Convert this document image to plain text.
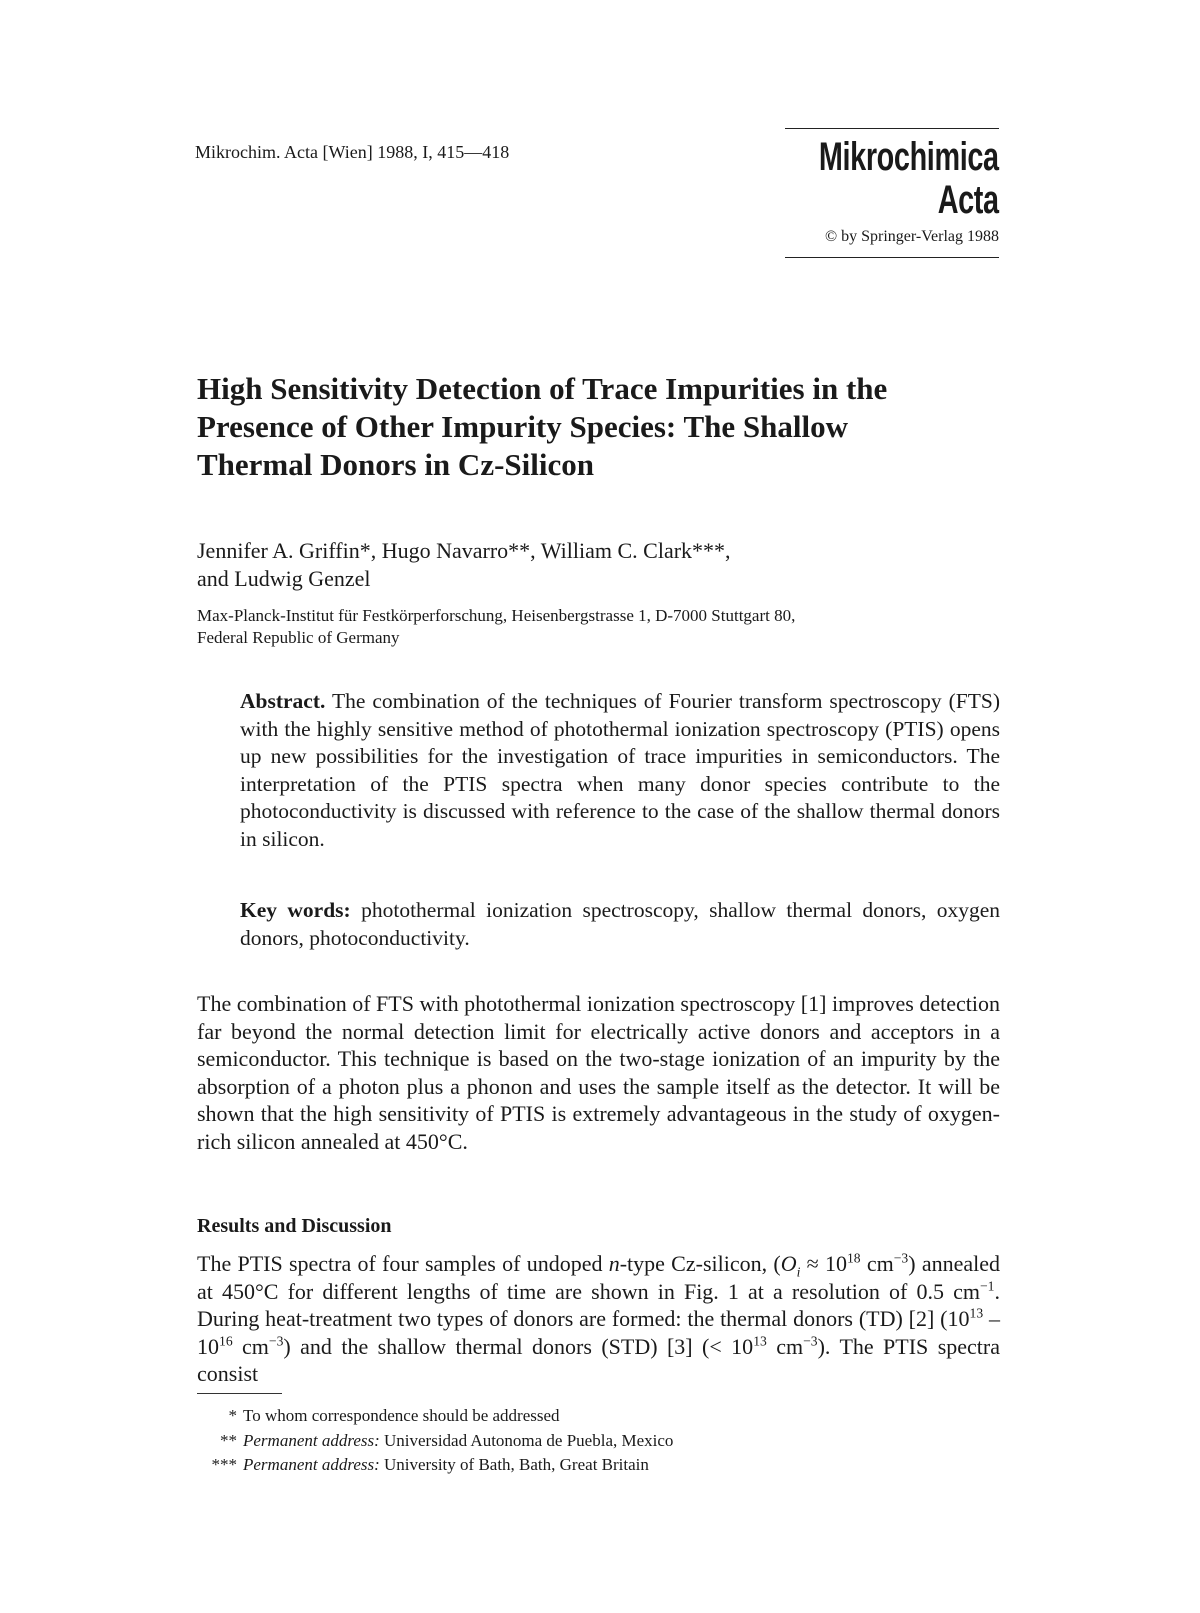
Mikrochim. Acta [Wien] 1988, I, 415—418	Mikrochimica
Acta
© by Springer-Verlag 1988
High Sensitivity Detection of Trace Impurities in the
Presence of Other Impurity Species: The Shallow
Thermal Donors in Cz-Silicon
Jennifer A. Griffin*, Hugo Navarro**, William C. Clark***,
and Ludwig Genzel
Max-Planck-Institut für Festkörperforschung, Heisenbergstrasse 1, D-7000 Stuttgart 80,
Federal Republic of Germany
Abstract. The combination of the techniques of Fourier transform spectroscopy (FTS) with the highly sensitive method of photothermal ionization spectroscopy (PTIS) opens up new possibilities for the investigation of trace impurities in semiconductors. The interpretation of the PTIS spectra when many donor species contribute to the photoconductivity is discussed with reference to the case of the shallow thermal donors in silicon.
Key words: photothermal ionization spectroscopy, shallow thermal donors, oxygen donors, photoconductivity.
The combination of FTS with photothermal ionization spectroscopy [1] improves detection far beyond the normal detection limit for electrically active donors and acceptors in a semiconductor. This technique is based on the two-stage ionization of an impurity by the absorption of a photon plus a phonon and uses the sample itself as the detector. It will be shown that the high sensitivity of PTIS is extremely advantageous in the study of oxygen-rich silicon annealed at 450°C.
Results and Discussion
The PTIS spectra of four samples of undoped n-type Cz-silicon, ($O_i \approx 10^{18}$ $cm^{-3}$) annealed at 450°C for different lengths of time are shown in Fig. 1 at a resolution of 0.5 $cm^{-1}$. During heat-treatment two types of donors are formed: the thermal donors (TD) [2] ($10^{13} - 10^{16}$ $cm^{-3}$) and the shallow thermal donors (STD) [3] (< $10^{13}$ $cm^{-3}$). The PTIS spectra consist
* To whom correspondence should be addressed
** Permanent address: Universidad Autonoma de Puebla, Mexico
*** Permanent address: University of Bath, Bath, Great Britain
